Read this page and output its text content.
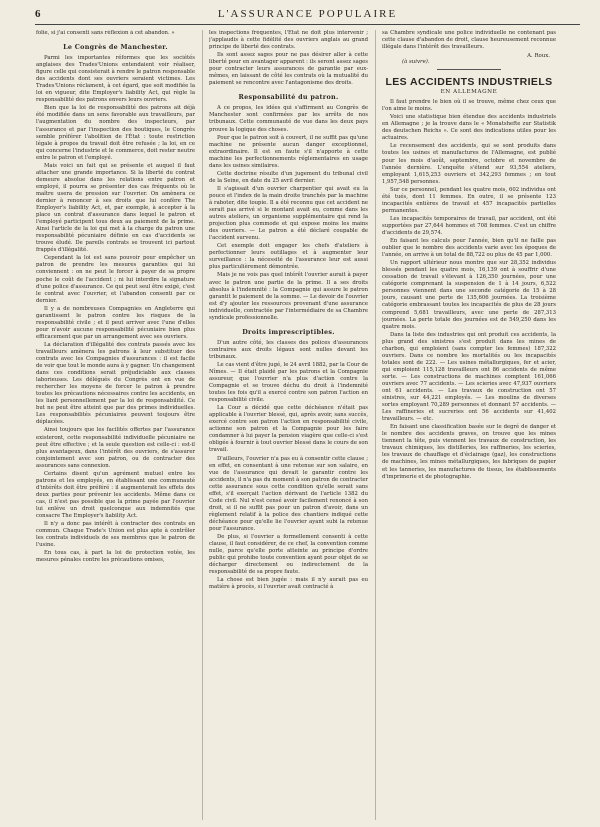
6	L'ASSURANCE POPULAIRE

folie, si j'ai consenti sans réflexion à cet abandon. »

Le Congrès de Manchester.

Parmi les importantes réformes que les sociétés anglaises des Trades'Unions entendaient voir réaliser, figure celle qui consisterait à rendre le patron responsable des accidents dont ses ouvriers seraient victimes. Les Trades'Unions réclament, à cet égard, que soit modifiée la loi en vigueur, dite Employer's liability Act, qui règle la responsabilité des patrons envers leurs ouvriers.

Bien que la loi de responsabilité des patrons ait déjà été modifiée dans un sens favorable aux travailleurs, par l'augmentation du nombre des inspecteurs, par l'assurance et par l'inspection des boutiques, le Congrès semble préférer l'abolition de l'État : toute restriction légale à propos du travail doit être refusée ; la loi, en ce qui concerne l'industrie et le commerce, doit rester neutre entre le patron et l'employé.

Mais voici un fait qui se présente et auquel il faut attacher une grande importance. Si la liberté du contrat demeure absolue dans les relations entre patron et employé, il pourra se présenter des cas fréquents où le maître usera de pression sur l'ouvrier. On amènera ce dernier à renoncer à ses droits que lui confère The Employer's liability Act, et, par exemple, à accepter à la place un contrat d'assurance dans lequel le patron et l'employé participent tous deux au paiement de la prime. Ainsi l'article de la loi qui met à la charge du patron une responsabilité pécuniaire définie en cas d'accidents se trouve éludé. De pareils contrats se trouvent ici partout frappés d'illégalité.

Cependant la loi est sans pouvoir pour empêcher un patron de prendre les mesures garanties qui lui conviennent : on ne peut le forcer à payer de sa propre poche le coût de l'accident ; ni lui interdire la signature d'une police d'assurance. Ce qui peut seul être exigé, c'est le contrat avec l'ouvrier, et l'abandon consenti par ce dernier.

Il y a de nombreuses Compagnies en Angleterre qui garantissent le patron contre les risques de la responsabilité civile ; et il peut arriver avec l'une d'elles pour n'avoir aucune responsabilité pécuniaire bien plus efficacement que par un arrangement avec ses ouvriers.

La déclaration d'illégalité des contrats passés avec les travailleurs amènera les patrons à leur substituer des contrats avec les Compagnies d'assurances : il est facile de voir que tout le monde aura à y gagner. Un changement dans ces conditions serait préjudiciable aux classes laborieuses. Les délégués du Congrès ont en vue de rechercher les moyens de forcer le patron à prendre toutes les précautions nécessaires contre les accidents, en les liant personnellement par la loi de responsabilité. Ce but ne peut être atteint que par des primes individuelles. Les responsabilités pécuniaires peuvent toujours être déplacées.

Ainsi toujours que les facilités offertes par l'assurance existeront, cette responsabilité individuelle pécuniaire ne peut être effective ; et la seule question est celle-ci : est-il plus avantageux, dans l'intérêt des ouvriers, de s'assurer conjointement avec son patron, ou de contracter des assurances sans connexion.

Certains disent qu'un agrément mutuel entre les patrons et les employés, en établissant une communauté d'intérêts doit être préféré : il augmenterait les effets des deux parties pour prévenir les accidents. Même dans ce cas, il n'est pas possible que la prime payée par l'ouvrier lui enlève un droit quelconque aux indemnités que consacre The Employer's liability Act.

Il n'y a donc pas intérêt à contracter des contrats en commun. Chaque Trade's Union est plus apte à contrôler les contrats individuels de ses membres que le patron de l'usine.

En tous cas, à part la loi de protection votée, les mesures pénales contre les précautions omises,

les inspections fréquentes, l'État ne doit plus intervenir ; j'applaudis à cette fidélité des ouvriers anglais au grand principe de liberté des contrats.

Ils sont assez sages pour ne pas désirer aller à cette liberté pour en avantager apparent : ils seront assez sages pour contracter leurs assurances de garantie par eux-mêmes, en laissant de côté les contrats où la mutualité du paiement se rencontre avec l'antagonisme des droits.

Responsabilité du patron.

A ce propos, les idées qui s'affirment au Congrès de Manchester sont confirmées par les arrêts de nos tribunaux. Cette communauté de vue dans les deux pays prouve la logique des choses.

Pour que le patron soit à couvert, il ne suffit pas qu'une machine ne présente aucun danger exceptionnel, extraordinaire. Il est en faute s'il n'apporte à cette machine les perfectionnements réglementaires en usage dans les usines similaires.

Cette doctrine résulte d'un jugement du tribunal civil de la Seine, en date du 25 avril dernier.

Il s'agissait d'un ouvrier charpentier qui avait eu la pouce et l'index de la main droite tranchés par la machine à raboter, dite toupie. Il a été reconnu que cet accident ne serait pas arrivé si le montant avait eu, comme dans les autres ateliers, un organisme supplémentaire qui rend la projection plus commode et qui expose moins les mains des ouvriers. — Le patron a été déclaré coupable de l'accident survenu.

Cet exemple doit engager les chefs d'ateliers à perfectionner leurs outillages et à augmenter leur surveillance : la nécessité de l'assurance leur est aussi plus particulièrement démontrée.

Mais je ne vois pas quel intérêt l'ouvrier aurait à payer avec le patron une partie de la prime. Il a ses droits absolus à l'indemnité : la Compagnie qui assure le patron garantit le paiement de la somme. — Le devoir de l'ouvrier est d'y ajouter les ressources provenant d'une assurance individuelle, contractée par l'intermédiaire de sa Chambre syndicale professionnelle.

Droits imprescriptibles.

D'un autre côté, les classes des polices d'assurances contraires aux droits légaux sont nulles devant les tribunaux.

Le cas vient d'être jugé, le 24 avril 1882, par la Cour de Nîmes. — Il était plaidé par les patrons et la Compagnie assureur, que l'ouvrier n'a plus d'action contre la Compagnie et se trouve déchu du droit à l'indemnité toutes les fois qu'il a exercé contre son patron l'action en responsabilité civile.

La Cour a décidé que cette déchéance n'était pas applicable à l'ouvrier blessé, qui, après avoir, sans succès, exercé contre son patron l'action en responsabilité civile, actionne son patron et la Compagnie pour les faire condamner à lui payer la pension viagère que celle-ci s'est obligée à fournir à tout ouvrier blessé dans le cours de son travail.

D'ailleurs, l'ouvrier n'a pas eu à consentir cette clause ; en effet, en consentant à une retenue sur son salaire, en vue de l'assurance qui devait le garantir contre les accidents, il n'a pas du moment à son patron de contracter cette assurance sous cette condition qu'elle serait sans effet, s'il exerçait l'action dérivant de l'article 1382 du Code civil. Nul n'est censé avoir facilement renoncé à son droit, si il ne suffit pas pour un patron d'avoir, dans un règlement relatif à la police des chantiers indiqué cette déchéance pour qu'elle lie l'ouvrier ayant subi la retenue pour l'assurance.

De plus, si l'ouvrier a formellement consenti à cette clause, il faut considérer, de ce chef, la convention comme nulle, parce qu'elle porte atteinte au principe d'ordre public qui prohibe toute convention ayant pour objet de se décharger directement ou indirectement de la responsabilité de sa propre faute.

La chose est bien jugée : mais il n'y aurait pas eu matière à procès, si l'ouvrier avait contracté à

sa Chambre syndicale une police individuelle ne contenant pas cette clause d'abandon de droit, clause heureusement reconnue illégale dans l'intérêt des travailleurs.

A. Roux.
(à suivre).
LES ACCIDENTS INDUSTRIELS
EN ALLEMAGNE

Il faut prendre le bien où il se trouve, même chez ceux que l'on aime le moins.

Voici une statistique bien étendue des accidents industriels en Allemagne ; je la trouve dans le « Monatshefte zur Statistik des deutschen Reichs ». Ce sont des indications utiles pour les actuaires.

Le recensement des accidents, qui se sont produits dans toutes les usines et manufactures de l'Allemagne, est publié pour les mois d'août, septembre, octobre et novembre de l'année dernière. L'enquête s'étend sur 93,554 ateliers, employant 1,615,253 ouvriers et 342,293 femmes ; en tout 1,957,548 personnes.

Sur ce personnel, pendant les quatre mois, 602 individus ont été tués, dont 11 femmes. En outre, il se présente 123 incapacités entières de travail et 457 incapacités partielles permanentes.

Les incapacités temporaires de travail, par accident, ont été supportées par 27,644 hommes et 708 femmes. C'est un chiffre d'accidents de 29,574.

En faisant les calculs pour l'année, bien qu'il ne faille pas oublier que le nombre des accidents varie avec les époques de l'année, on arrive à un total de 88,722 ou plus de 45 par 1,000.

Un rapport ultérieur nous montre que sur 28,352 individus blessés pendant les quatre mois, 16,139 ont à souffrir d'une cessation de travail s'élevant à 126,350 journées, pour une catégorie comprenant la suspension de 1 à 14 jours, 6,522 personnes viennent dans une seconde catégorie de 15 à 28 jours, causant une perte de 135,606 journées. La troisième catégorie embrassant toutes les incapacités de plus de 28 jours comprend 5,681 travailleurs, avec une perte de 287,313 journées. La perte totale des journées est de 549,250 dans les quatre mois.

Dans la liste des industries qui ont produit ces accidents, la plus grand des sinistres s'est produit dans les mines de charbon, qui emploient (sans compter les femmes) 187,322 ouvriers. Dans ce nombre les mortalités ou les incapacités totales sont de 222. — Les usines métallurgiques, fer et acier, qui emploient 115,128 travailleurs ont 86 accidents de même sorte. — Les constructions de machines comptent 161,066 ouvriers avec 77 accidents. — Les scieries avec 47,937 ouvriers ont 61 accidents. — Les travaux de construction ont 57 sinistres, sur 44,221 employés. — Les moulins de diverses sortes employant 70,289 personnes et donnant 57 accidents. — Les raffineries et sucreries ont 56 accidents sur 41,402 travailleurs. — etc.

En faisant une classification basée sur le degré de danger et le nombre des accidents graves, on trouve que les mines tiennent la tête, puis viennent les travaux de construction, les travaux chimiques, les distilleries, les raffineries, les scieries, les travaux de chauffage et d'éclairage (gaz), les constructions de machines, les mines métallurgiques, les fabriques de papier et les tanneries, les manufactures de tissus, les établissements d'imprimerie et de photographie.
